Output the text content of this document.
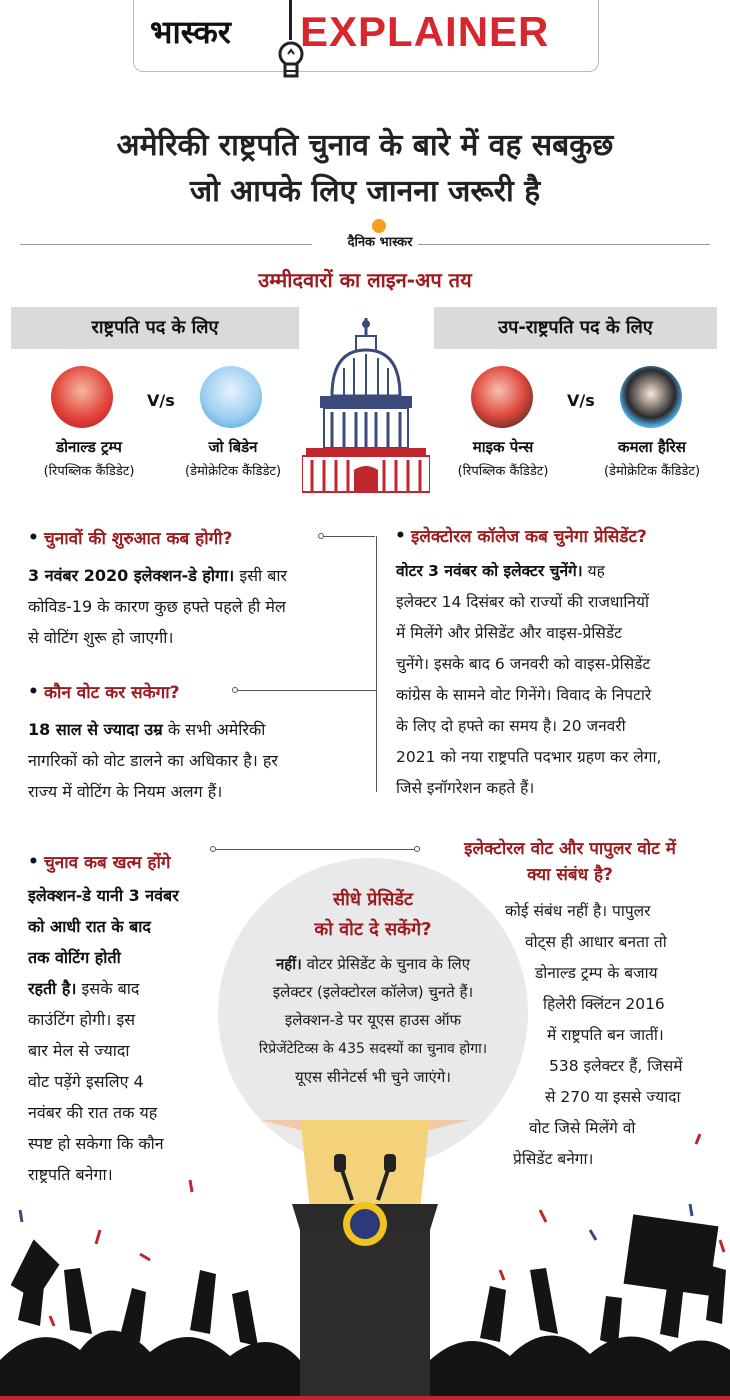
भास्कर EXPLAINER
अमेरिकी राष्ट्रपति चुनाव के बारे में वह सबकुछ
जो आपके लिए जानना जरूरी है
दैनिक भास्कर
उम्मीदवारों का लाइन-अप तय
राष्ट्रपति पद के लिए	उप-राष्ट्रपति पद के लिए
V/s
डोनाल्ड ट्रम्प
(रिपब्लिक कैंडिडेट)
जो बिडेन
(डेमोक्रेटिक कैंडिडेट)
V/s
माइक पेन्स
(रिपब्लिक कैंडिडेट)
कमला हैरिस
(डेमोक्रेटिक कैंडिडेट)
• चुनावों की शुरुआत कब होगी?
3 नवंबर 2020 इलेक्शन-डे होगा। इसी बार
कोविड-19 के कारण कुछ हफ्ते पहले ही मेल
से वोटिंग शुरू हो जाएगी।
• कौन वोट कर सकेगा?
18 साल से ज्यादा उम्र के सभी अमेरिकी
नागरिकों को वोट डालने का अधिकार है। हर
राज्य में वोटिंग के नियम अलग हैं।
• इलेक्टोरल कॉलेज कब चुनेगा प्रेसिडेंट?
वोटर 3 नवंबर को इलेक्टर चुनेंगे। यह
इलेक्टर 14 दिसंबर को राज्यों की राजधानियों
में मिलेंगे और प्रेसिडेंट और वाइस-प्रेसिडेंट
चुनेंगे। इसके बाद 6 जनवरी को वाइस-प्रेसिडेंट
कांग्रेस के सामने वोट गिनेंगे। विवाद के निपटारे
के लिए दो हफ्ते का समय है। 20 जनवरी
2021 को नया राष्ट्रपति पदभार ग्रहण कर लेगा,
जिसे इनॉगरेशन कहते हैं।
• चुनाव कब खत्म होंगे
इलेक्शन-डे यानी 3 नवंबर
को आधी रात के बाद
तक वोटिंग होती
रहती है। इसके बाद
काउंटिंग होगी। इस
बार मेल से ज्यादा
वोट पड़ेंगे इसलिए 4
नवंबर की रात तक यह
स्पष्ट हो सकेगा कि कौन
राष्ट्रपति बनेगा।
इलेक्टोरल वोट और पापुलर वोट में
क्या संबंध है?
कोई संबंध नहीं है। पापुलर
वोट्स ही आधार बनता तो
डोनाल्ड ट्रम्प के बजाय
हिलेरी क्लिंटन 2016
में राष्ट्रपति बन जातीं।
538 इलेक्टर हैं, जिसमें
से 270 या इससे ज्यादा
वोट जिसे मिलेंगे वो
प्रेसिडेंट बनेगा।
सीधे प्रेसिडेंट
को वोट दे सकेंगे?
नहीं। वोटर प्रेसिडेंट के चुनाव के लिए
इलेक्टर (इलेक्टोरल कॉलेज) चुनते हैं।
इलेक्शन-डे पर यूएस हाउस ऑफ
रिप्रेजेंटेटिव्स के 435 सदस्यों का चुनाव होगा।
यूएस सीनेटर्स भी चुने जाएंगे।
